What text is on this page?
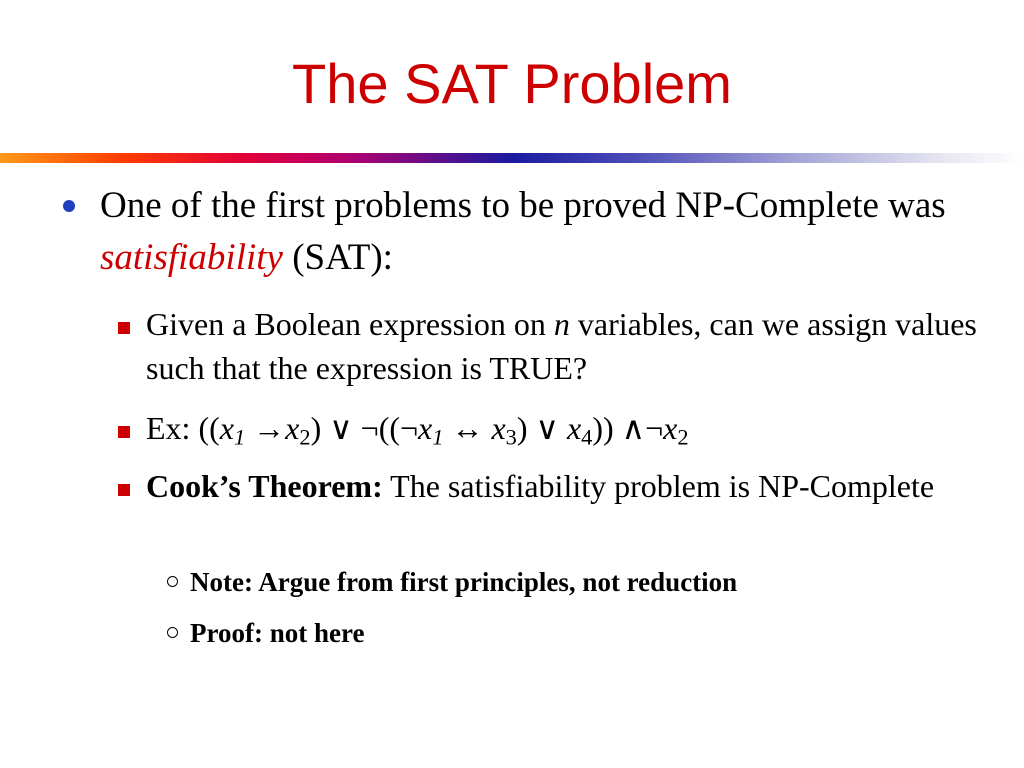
The SAT Problem
One of the first problems to be proved NP-Complete was satisfiability (SAT):
Given a Boolean expression on n variables, can we assign values such that the expression is TRUE?
Ex: ($(x_1 \to x_2)$ ∨ $\neg((\neg x_1$ ↔ $x_3$) ∨ $x_4$)) $\wedge\neg x_2$
Cook’s Theorem: The satisfiability problem is NP-Complete
Note: Argue from first principles, not reduction
Proof: not here
